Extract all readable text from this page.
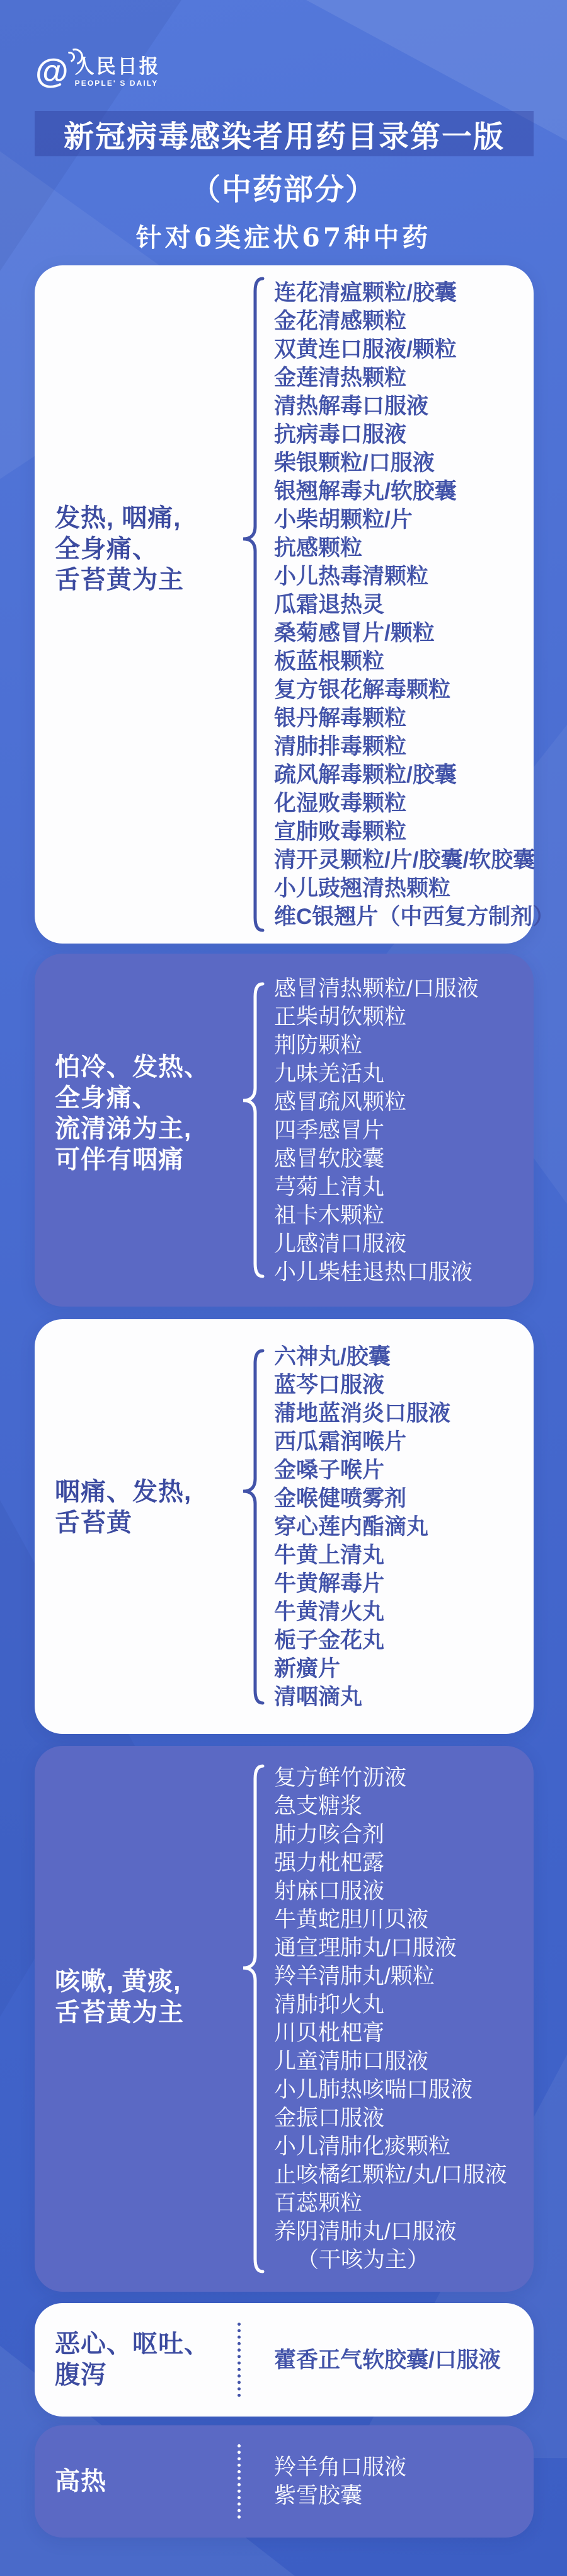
@ 人民日报
PEOPLE' S DAILY
新冠病毒感染者用药目录第一版
（中药部分）
针对6类症状67种中药
发热, 咽痛,
全身痛、
舌苔黄为主
连花清瘟颗粒/胶囊
金花清感颗粒
双黄连口服液/颗粒
金莲清热颗粒
清热解毒口服液
抗病毒口服液
柴银颗粒/口服液
银翘解毒丸/软胶囊
小柴胡颗粒/片
抗感颗粒
小儿热毒清颗粒
瓜霜退热灵
桑菊感冒片/颗粒
板蓝根颗粒
复方银花解毒颗粒
银丹解毒颗粒
清肺排毒颗粒
疏风解毒颗粒/胶囊
化湿败毒颗粒
宣肺败毒颗粒
清开灵颗粒/片/胶囊/软胶囊
小儿豉翘清热颗粒
维C银翘片（中西复方制剂）
怕冷、发热、
全身痛、
流清涕为主,
可伴有咽痛
感冒清热颗粒/口服液
正柴胡饮颗粒
荆防颗粒
九味羌活丸
感冒疏风颗粒
四季感冒片
感冒软胶囊
芎菊上清丸
祖卡木颗粒
儿感清口服液
小儿柴桂退热口服液
咽痛、发热,
舌苔黄
六神丸/胶囊
蓝芩口服液
蒲地蓝消炎口服液
西瓜霜润喉片
金嗓子喉片
金喉健喷雾剂
穿心莲内酯滴丸
牛黄上清丸
牛黄解毒片
牛黄清火丸
栀子金花丸
新癀片
清咽滴丸
咳嗽, 黄痰,
舌苔黄为主
复方鲜竹沥液
急支糖浆
肺力咳合剂
强力枇杷露
射麻口服液
牛黄蛇胆川贝液
通宣理肺丸/口服液
羚羊清肺丸/颗粒
清肺抑火丸
川贝枇杷膏
儿童清肺口服液
小儿肺热咳喘口服液
金振口服液
小儿清肺化痰颗粒
止咳橘红颗粒/丸/口服液
百蕊颗粒
养阴清肺丸/口服液
（干咳为主）
恶心、呕吐、
腹泻
藿香正气软胶囊/口服液
高热	羚羊角口服液
紫雪胶囊
